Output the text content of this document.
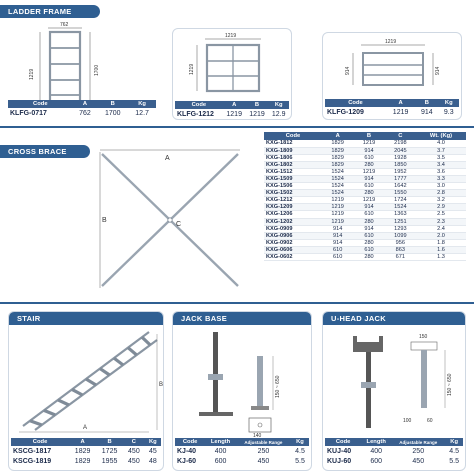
LADDER FRAME
762
1219	1700
Code	A	B	Kg
KLFG-0717	762	1700	12.7
1219
1219
Code	A	B	Kg
KLFG-1212	1219	1219	12.9
1219
914	914
Code	A	B	Kg
KLFG-1209	1219	914	9.3
CROSS BRACE
A
B
C
Code	A	B	C	Wt. (Kg)
KXG-1812	1829	1219	2198	4.0
KXG-1809	1829	914	2045	3.7
KXG-1806	1829	610	1928	3.5
KXG-1802	1829	280	1850	3.4
KXG-1512	1524	1219	1952	3.6
KXG-1509	1524	914	1777	3.3
KXG-1506	1524	610	1642	3.0
KXG-1502	1524	280	1550	2.8
KXG-1212	1219	1219	1724	3.2
KXG-1209	1219	914	1524	2.9
KXG-1206	1219	610	1363	2.5
KXG-1202	1219	280	1251	2.3
KXG-0909	914	914	1293	2.4
KXG-0906	914	610	1099	2.0
KXG-0902	914	280	956	1.8
KXG-0606	610	610	863	1.6
KXG-0602	610	280	671	1.3
STAIR
A
B
Code	A	B	C	Kg
KSCG-1817	1829	1725	450	45
KSCG-1819	1829	1955	450	48
JACK BASE
150 ~ 650
140
Code	Length	Adjustable Range	Kg
KJ-40	400	250	4.5
KJ-60	600	450	5.5
U-HEAD JACK
150
150 ~ 650
100	60
Code	Length	Adjustable Range	Kg
KUJ-40	400	250	4.5
KUJ-60	600	450	5.5
